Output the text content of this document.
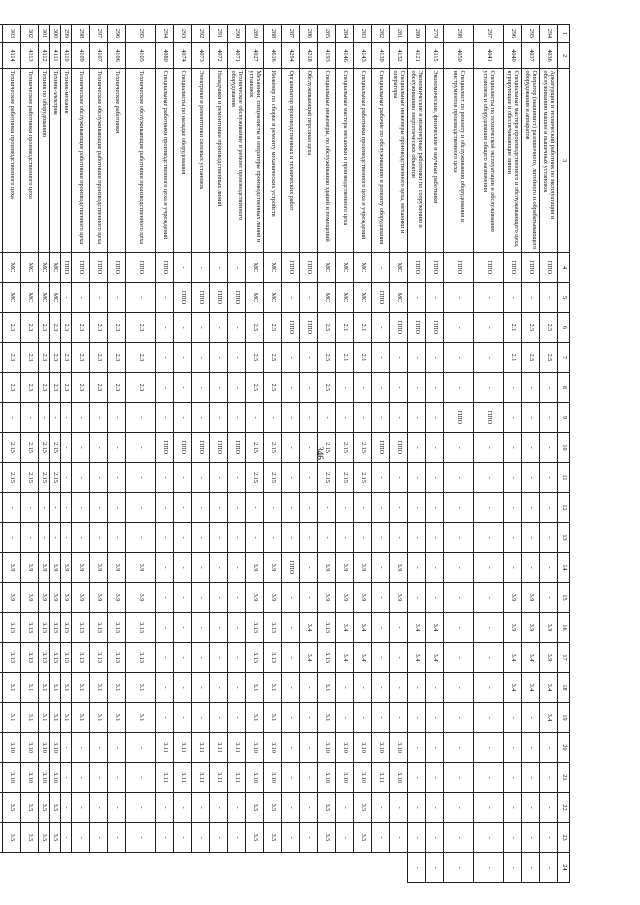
346
1	2	3	4	5	6	7	8	9	10	11	12	13	14	15	16	17	18	19	20	21	22	23	24
294	4036	Аркатурщик и технический работник по эксплуатации и обслуживанию машин и вышечных установок	ППО	-	2.5	2.5	-	-	-	-	-	-	-	-	3.9	3.9	3.4	3.4	-	-	-	-	-
295	4037	Оператор (машинист) разливочного, литейного и обрабатывающего оборудования и аппаратов	ППО	-	2.5	2.5	-	-	-	-	-	-	-	3.9	3.9	3.4	3.4	-	-	-	-	-	-
296	4040	Специальные мастера производственного и обслуживающего цеха, курирующие и обеспечивающие линии	ППО	-	2.1	2.1	-	-	-	-	-	-	-	3.9	3.9	3.4	3.4	-	-	-	-	-	-
297	4041	Специалисты по технической эксплуатации и обслуживанию установок и оборудования общего назначения	ППО	-	-	-	-	ППО	-	-	-	-	-	-	-	-	-	-	-	-	-	-	-
298	4050	Специалист по ремонту и обслуживанию оборудования и инструментов производственного цеха	ППО	-	-	-	-	ППО	-	-	-	-	-	-	-	-	-	-	-	-	-	-	-
279	4115	Экономические, физические и научные работники	ППО	-	ППО	-	-	-	-	-	-	-	-	-	3.4	3.4	-	-	-	-	-	-	-
280	4121	Экономические и инженерные работники по сооружению и обслуживанию энергетических объектов	ППО	-	ППО	-	-	-	-	-	-	-	-	-	3.4	3.4	-	-	-	-	-	-	-
281	4132	Специальные инженеры производственного цеха, механики и операторы	МС	МС	ППО	-	-	-	ППО	-	-	-	3.9	3.9	-	-	-	-	3.10	3.10	-	-	
282	4139	Специальные рабочие по обслуживанию и ремонту оборудования	-	ППО	-	-	-	-	ППО	-	-	-	-	-	-	-	-	-	3.10	3.11	-	-	
283	4143	Специальные работники производственного цеха и учреждений	МС	МС	2.1	2.1	-	-	2.15	2.15	-	-	3.9	3.9	3.4	3.4	-	-	3.10	3.10	3.5	3.5	
284	4146	Специальные мастера механики и производственного цеха	МС	МС	2.1	2.1	-	-	2.15	2.15	-	-	3.9	3.9	3.4	3.4	-	-	3.10	3.10	-	-	
285	4193	Специальные инженеры, по обслуживанию зданий и помещений	МС	МС	2.5	2.5	2.5	-	2.15	2.15	-	-	3.9	3.9	3.13	3.13	3.1	3.1	3.10	3.10	3.5	3.5	
286	4218	Обслуживающий персонал цеха	ППО	-	ППО	-	-	-	-	-	-	-	-	-	3.4	3.4	-	-	-	-	-	-	
287	4294	Организатор производственных и технических работ	ППО	-	ППО	-	-	-	-	-	-	-	ППО	-	-	-	-	-	-	-	-	-	
288	4616	Инженер по сборке и ремонту механических устройств	МС	МС	2.5	2.5	2.5	-	2.15	2.15	-	-	3.9	3.9	3.13	3.13	3.1	3.1	3.10	3.10	3.5	3.5	
289	4027	Механики, специалисты и операторы производственных линий и установок	МС	МС	2.5	2.5	2.5	-	2.15	2.15	-	-	3.9	3.9	3.13	3.13	3.1	3.1	3.10	3.10	3.5	3.5	
290	4071	Техническое обслуживание и ремонт производственного оборудования	-	ППО	-	-	-	-	ППО	-	-	-	-	-	-	-	-	-	3.11	3.11	-	-	
291	4072	Наладчики и ремонтники производственных линий	-	ППО	-	-	-	-	ППО	-	-	-	-	-	-	-	-	-	3.11	3.11	-	-	
292	4073	Электрики и ремонтники силовых установок	-	ППО	-	-	-	-	ППО	-	-	-	-	-	-	-	-	-	3.11	3.11	-	-	
293	4074	Специалисты по наладке оборудования	-	ППО	-	-	-	-	ППО	-	-	-	-	-	-	-	-	-	3.11	3.11	-	-	
294	4080	Специальные работники производственного цеха и учреждений	ППО	-	-	-	-	-	ППО	-	-	-	-	-	-	-	-	-	3.11	3.11	-	-	
295	4105	Технические обслуживающие работники производственного цеха	ППО	-	2.3	2.3	2.3	-	-	-	-	-	3.9	3.9	3.13	3.13	3.1	3.1	-	-	-	-	
296	4106	Технические работники	ППО	-	2.3	2.3	2.3	-	-	-	-	-	3.9	3.9	3.13	3.13	3.1	3.1	-	-	-	-	
297	4107	Технические обслуживающие работники производственного цеха	ППО	-	2.3	2.3	2.3	-	-	-	-	-	3.9	3.9	3.13	3.13	3.1	3.1	-	-	-	-	
298	4109	Технические обслуживающие работники производственного цеха	ППО	-	2.3	2.3	2.3	-	-	-	-	-	3.9	3.9	3.13	3.13	3.1	3.1	-	-	-	-	
299	4110	Техник-механик	ППО	-	2.3	2.3	2.3	-	-	-	-	-	3.9	3.9	3.13	3.13	3.1	3.1	-	-	-	-	
300	4111	Техник-электрик	МС	МС	2.3	2.3	2.3	-	2.15	2.15	-	-	3.9	3.9	3.13	3.13	3.1	3.1	3.10	3.10	3.5	3.5	
301	4112	Техник по оборудованию	МС	МС	2.3	2.3	2.3	-	2.15	2.15	-	-	3.9	3.9	3.13	3.13	3.1	3.1	3.10	3.10	3.5	3.5	
302	4113	Технические работники производственного цеха	МС	МС	2.3	2.3	2.3	-	2.15	2.15	-	-	3.9	3.9	3.13	3.13	3.1	3.1	3.10	3.10	3.5	3.5	
303	4114	Технические работники производственного цеха	МС	МС	2.3	2.3	2.3	-	2.15	2.15	-	-	3.9	3.9	3.13	3.13	3.1	3.1	3.10	3.10	3.5	3.5	
